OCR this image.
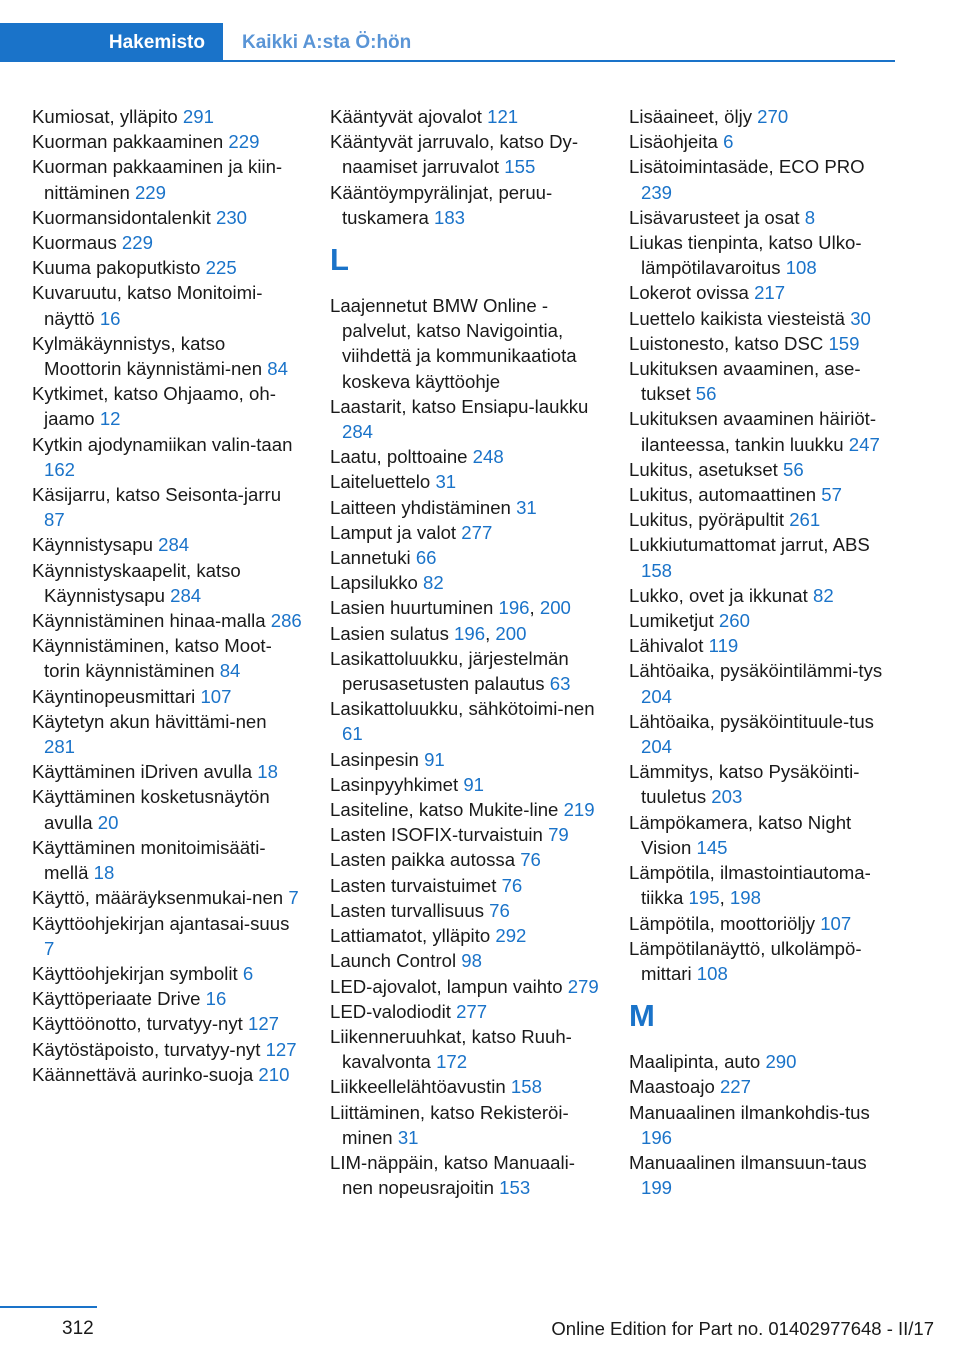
Hakemisto	Kaikki A:sta Ö:hön
Kumiosat, ylläpito 291
Kuorman pakkaaminen 229
Kuorman pakkaaminen ja kiin-nittäminen 229
Kuormansidontalenkit 230
Kuormaus 229
Kuuma pakoputkisto 225
Kuvaruutu, katso Monitoimi-näyttö 16
Kylmäkäynnistys, katso Moottorin käynnistämi-nen 84
Kytkimet, katso Ohjaamo, oh-jaamo 12
Kytkin ajodynamiikan valin-taan 162
Käsijarru, katso Seisonta-jarru 87
Käynnistysapu 284
Käynnistyskaapelit, katso Käynnistysapu 284
Käynnistäminen hinaa-malla 286
Käynnistäminen, katso Moot-torin käynnistäminen 84
Käyntinopeusmittari 107
Käytetyn akun hävittämi-nen 281
Käyttäminen iDriven avulla 18
Käyttäminen kosketusnäytön avulla 20
Käyttäminen monitoimisääti-mellä 18
Käyttö, määräyksenmukai-nen 7
Käyttöohjekirjan ajantasai-suus 7
Käyttöohjekirjan symbolit 6
Käyttöperiaate Drive 16
Käyttöönotto, turvatyy-nyt 127
Käytöstäpoisto, turvatyy-nyt 127
Käännettävä aurinko-suoja 210
Kääntyvät ajovalot 121
Kääntyvät jarruvalo, katso Dy-naamiset jarruvalot 155
Kääntöympyrälinjat, peruu-tuskamera 183
L
Laajennetut BMW Online -palvelut, katso Navigointia, viihdettä ja kommunikaatiota koskeva käyttöohje
Laastarit, katso Ensiapu-laukku 284
Laatu, polttoaine 248
Laiteluettelo 31
Laitteen yhdistäminen 31
Lamput ja valot 277
Lannetuki 66
Lapsilukko 82
Lasien huurtuminen 196, 200
Lasien sulatus 196, 200
Lasikattoluukku, järjestelmän perusasetusten palautus 63
Lasikattoluukku, sähkötoimi-nen 61
Lasinpesin 91
Lasinpyyhkimet 91
Lasiteline, katso Mukite-line 219
Lasten ISOFIX-turvaistuin 79
Lasten paikka autossa 76
Lasten turvaistuimet 76
Lasten turvallisuus 76
Lattiamatot, ylläpito 292
Launch Control 98
LED-ajovalot, lampun vaihto 279
LED-valodiodit 277
Liikenneruuhkat, katso Ruuh-kavalvonta 172
Liikkeellelähtöavustin 158
Liittäminen, katso Rekisteröi-minen 31
LIM-näppäin, katso Manuaali-nen nopeusrajoitin 153
Lisäaineet, öljy 270
Lisäohjeita 6
Lisätoimintasäde, ECO PRO 239
Lisävarusteet ja osat 8
Liukas tienpinta, katso Ulko-lämpötilavaroitus 108
Lokerot ovissa 217
Luettelo kaikista viesteistä 30
Luistonesto, katso DSC 159
Lukituksen avaaminen, ase-tukset 56
Lukituksen avaaminen häiriöt-ilanteessa, tankin luukku 247
Lukitus, asetukset 56
Lukitus, automaattinen 57
Lukitus, pyöräpultit 261
Lukkiutumattomat jarrut, ABS 158
Lukko, ovet ja ikkunat 82
Lumiketjut 260
Lähivalot 119
Lähtöaika, pysäköintilämmi-tys 204
Lähtöaika, pysäköintituule-tus 204
Lämmitys, katso Pysäköinti-tuuletus 203
Lämpökamera, katso Night Vision 145
Lämpötila, ilmastointiautoma-tiikka 195, 198
Lämpötila, moottoriöljy 107
Lämpötilanäyttö, ulkolämpö-mittari 108
M
Maalipinta, auto 290
Maastoajo 227
Manuaalinen ilmankohdis-tus 196
Manuaalinen ilmansuun-taus 199
312	Online Edition for Part no. 01402977648 - II/17
